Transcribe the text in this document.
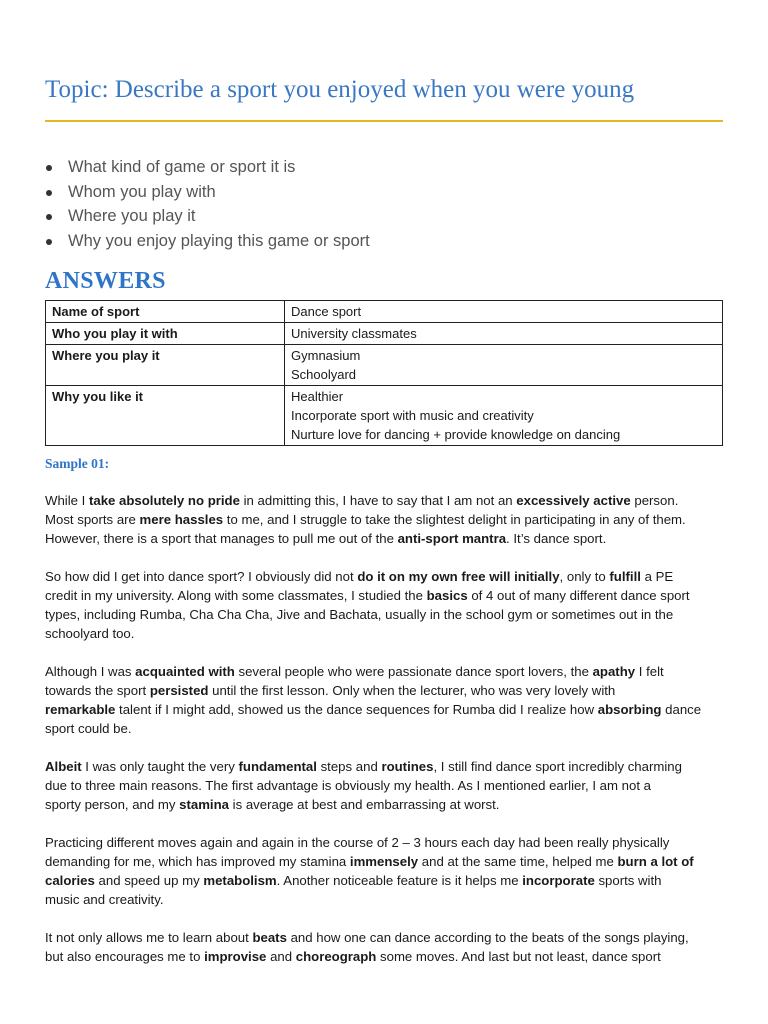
Topic: Describe a sport you enjoyed when you were young
What kind of game or sport it is
Whom you play with
Where you play it
Why you enjoy playing this game or sport
ANSWERS
Name of sport	Dance sport

Who you play it with	University classmates

Where you play it	Gymnasium
Schoolyard

Why you like it	Healthier
Incorporate sport with music and creativity
Nurture love for dancing + provide knowledge on dancing
Sample 01:
While I take absolutely no pride in admitting this, I have to say that I am not an excessively active person.
Most sports are mere hassles to me, and I struggle to take the slightest delight in participating in any of them.
However, there is a sport that manages to pull me out of the anti-sport mantra. It’s dance sport.
So how did I get into dance sport? I obviously did not do it on my own free will initially, only to fulfill a PE
credit in my university. Along with some classmates, I studied the basics of 4 out of many different dance sport
types, including Rumba, Cha Cha Cha, Jive and Bachata, usually in the school gym or sometimes out in the
schoolyard too.
Although I was acquainted with several people who were passionate dance sport lovers, the apathy I felt
towards the sport persisted until the first lesson. Only when the lecturer, who was very lovely with
remarkable talent if I might add, showed us the dance sequences for Rumba did I realize how absorbing dance
sport could be.
Albeit I was only taught the very fundamental steps and routines, I still find dance sport incredibly charming
due to three main reasons. The first advantage is obviously my health. As I mentioned earlier, I am not a
sporty person, and my stamina is average at best and embarrassing at worst.
Practicing different moves again and again in the course of 2 – 3 hours each day had been really physically
demanding for me, which has improved my stamina immensely and at the same time, helped me burn a lot of
calories and speed up my metabolism. Another noticeable feature is it helps me incorporate sports with
music and creativity.
It not only allows me to learn about beats and how one can dance according to the beats of the songs playing,
but also encourages me to improvise and choreograph some moves. And last but not least, dance sport
